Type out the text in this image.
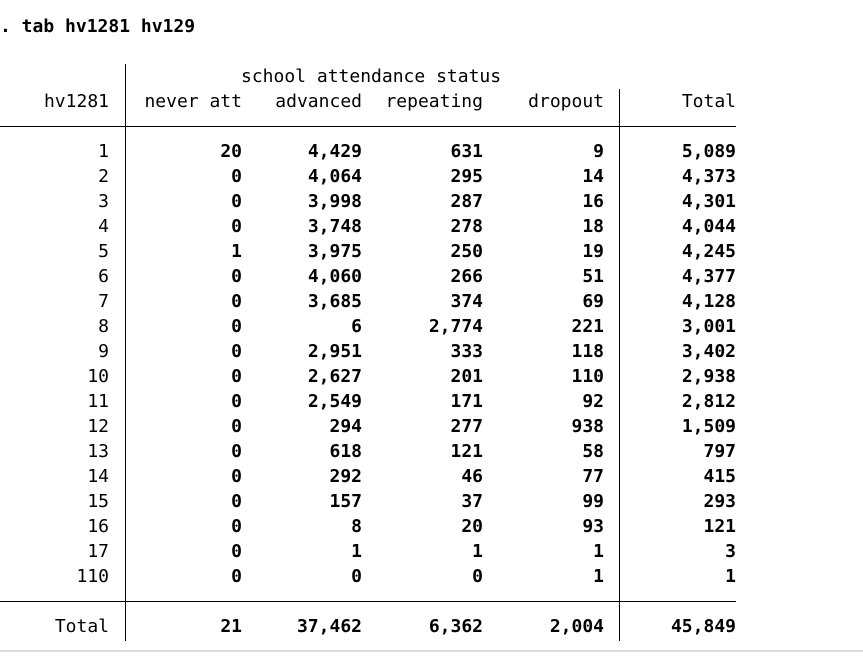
. tab hv1281 hv129
school attendance status
hv1281	never att	advanced	repeating	dropout	Total
1	20	4,429	631	9	5,089
2	0	4,064	295	14	4,373
3	0	3,998	287	16	4,301
4	0	3,748	278	18	4,044
5	1	3,975	250	19	4,245
6	0	4,060	266	51	4,377
7	0	3,685	374	69	4,128
8	0	6	2,774	221	3,001
9	0	2,951	333	118	3,402
10	0	2,627	201	110	2,938
11	0	2,549	171	92	2,812
12	0	294	277	938	1,509
13	0	618	121	58	797
14	0	292	46	77	415
15	0	157	37	99	293
16	0	8	20	93	121
17	0	1	1	1	3
110	0	0	0	1	1
Total	21	37,462	6,362	2,004	45,849
